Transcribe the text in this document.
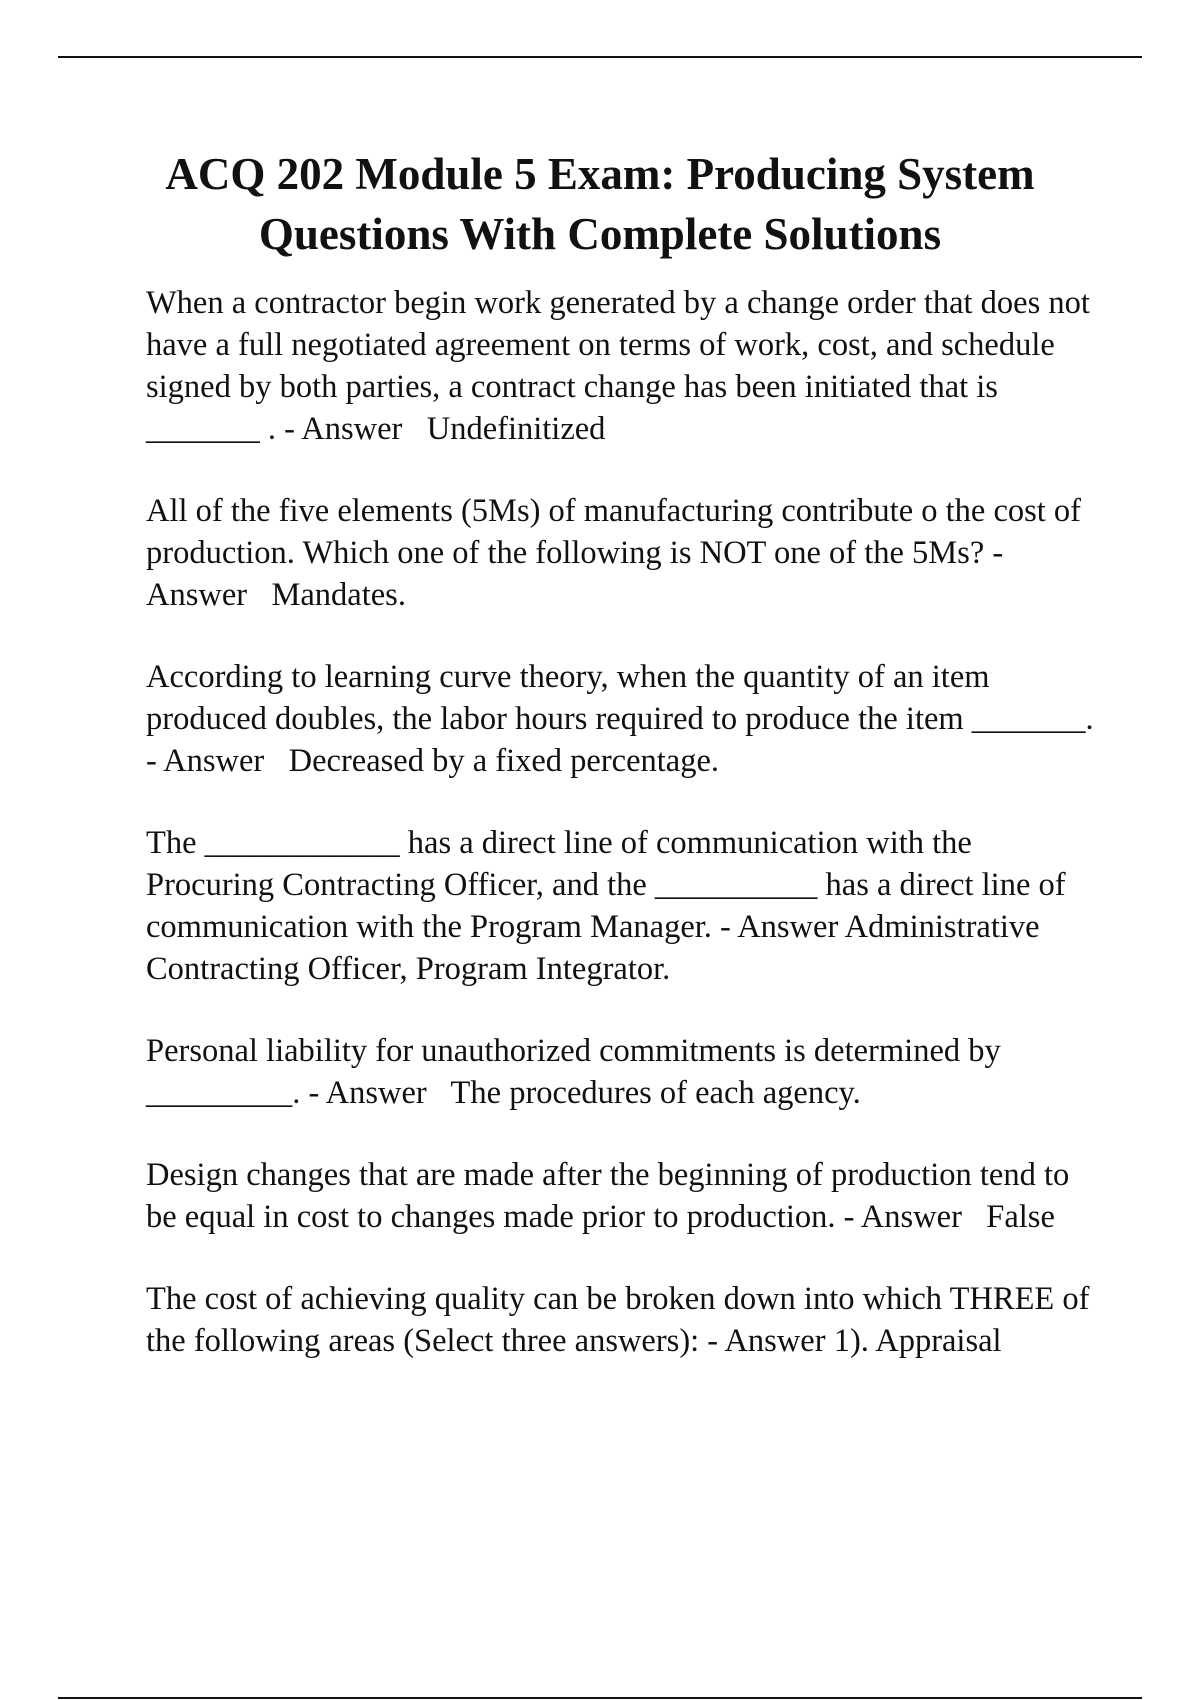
ACQ 202 Module 5 Exam: Producing System
Questions With Complete Solutions

When a contractor begin work generated by a change order that does not have a full negotiated agreement on terms of work, cost, and schedule signed by both parties, a contract change has been initiated that is _______ . - Answer Undefinitized

All of the five elements (5Ms) of manufacturing contribute o the cost of production. Which one of the following is NOT one of the 5Ms? - Answer Mandates.

According to learning curve theory, when the quantity of an item produced doubles, the labor hours required to produce the item _______. - Answer Decreased by a fixed percentage.

The ____________ has a direct line of communication with the Procuring Contracting Officer, and the __________ has a direct line of communication with the Program Manager. - Answer Administrative Contracting Officer, Program Integrator.

Personal liability for unauthorized commitments is determined by _________. - Answer The procedures of each agency.

Design changes that are made after the beginning of production tend to be equal in cost to changes made prior to production. - Answer False

The cost of achieving quality can be broken down into which THREE of the following areas (Select three answers): - Answer 1). Appraisal
